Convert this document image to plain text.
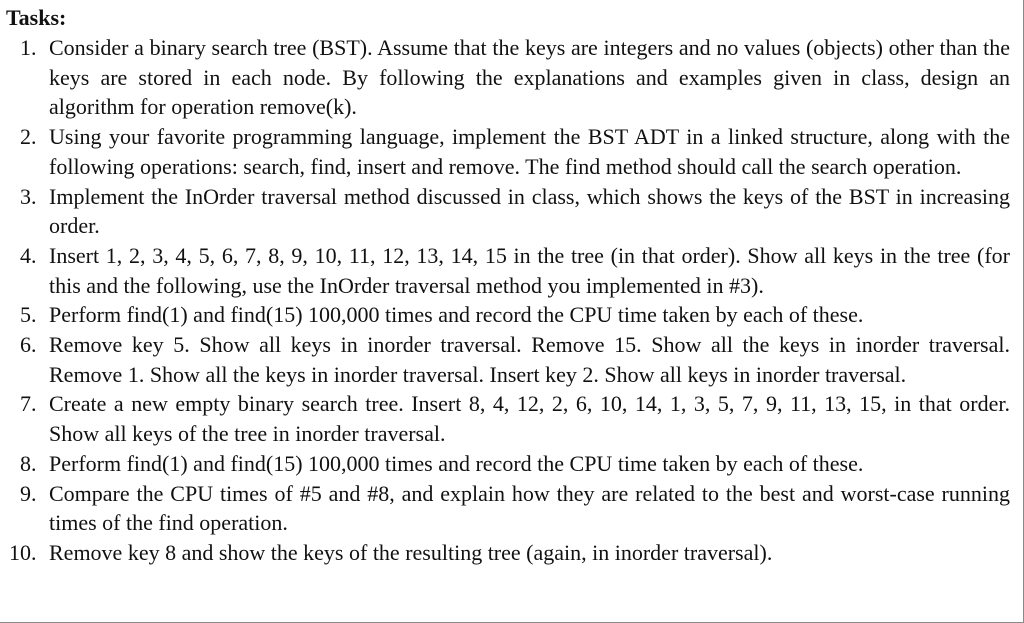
Tasks:
1. Consider a binary search tree (BST). Assume that the keys are integers and no values (objects) other than the keys are stored in each node. By following the explanations and examples given in class, design an algorithm for operation remove(k).
2. Using your favorite programming language, implement the BST ADT in a linked structure, along with the following operations: search, find, insert and remove. The find method should call the search operation.
3. Implement the InOrder traversal method discussed in class, which shows the keys of the BST in increasing order.
4. Insert 1, 2, 3, 4, 5, 6, 7, 8, 9, 10, 11, 12, 13, 14, 15 in the tree (in that order). Show all keys in the tree (for this and the following, use the InOrder traversal method you implemented in #3).
5. Perform find(1) and find(15) 100,000 times and record the CPU time taken by each of these.
6. Remove key 5. Show all keys in inorder traversal. Remove 15. Show all the keys in inorder traversal. Remove 1. Show all the keys in inorder traversal. Insert key 2. Show all keys in inorder traversal.
7. Create a new empty binary search tree. Insert 8, 4, 12, 2, 6, 10, 14, 1, 3, 5, 7, 9, 11, 13, 15, in that order. Show all keys of the tree in inorder traversal.
8. Perform find(1) and find(15) 100,000 times and record the CPU time taken by each of these.
9. Compare the CPU times of #5 and #8, and explain how they are related to the best and worst-case running times of the find operation.
10. Remove key 8 and show the keys of the resulting tree (again, in inorder traversal).
